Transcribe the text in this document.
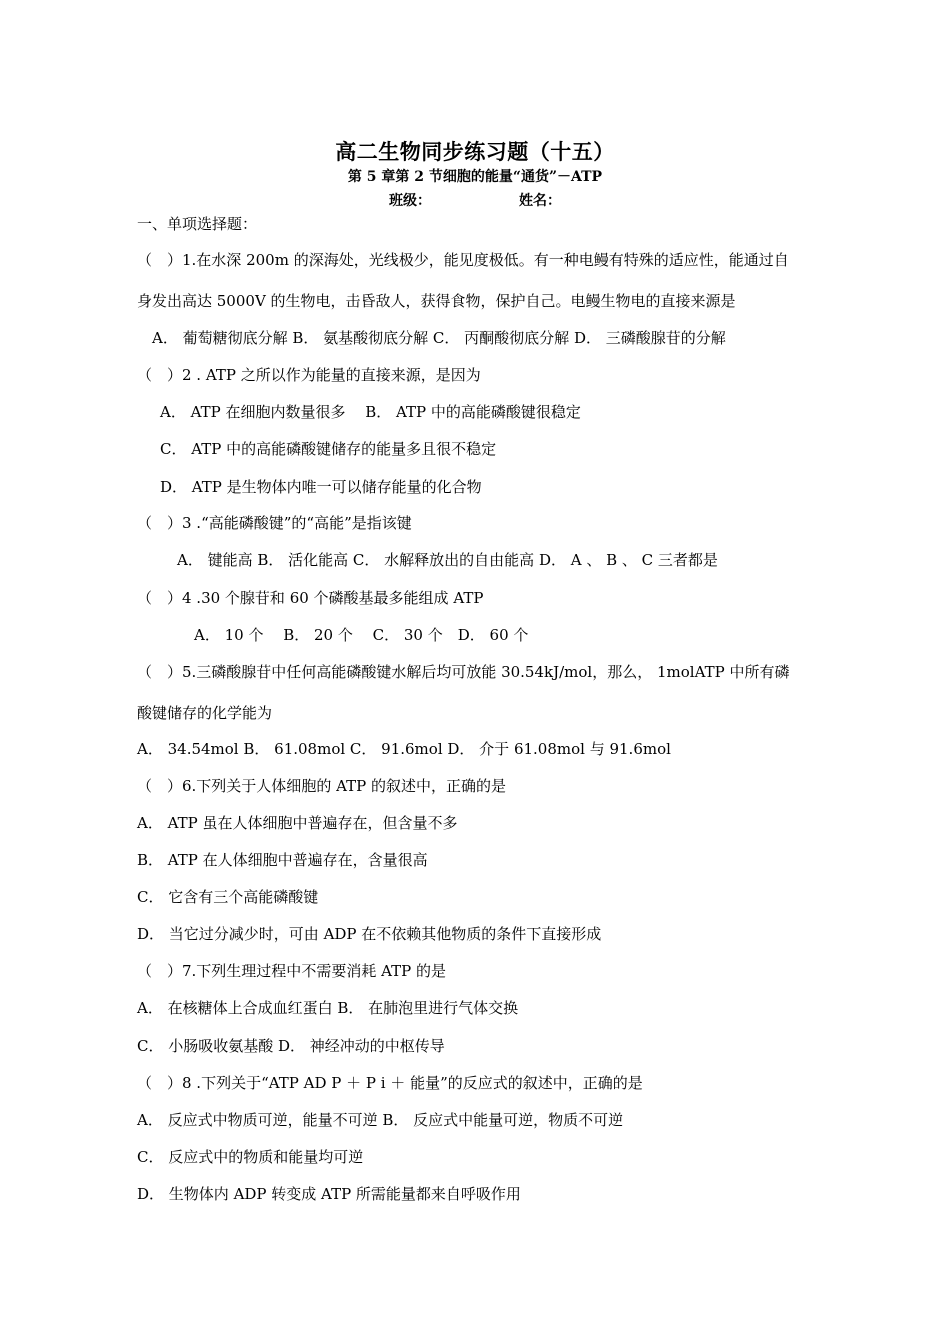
高二生物同步练习题（十五）
第 5 章第 2 节细胞的能量“通货”－ATP
班级：	姓名：
一、单项选择题：
（　）1.在水深 200m 的深海处，光线极少，能见度极低。有一种电鳗有特殊的适应性，能通过自
身发出高达 5000V 的生物电，击昏敌人，获得食物，保护自己。电鳗生物电的直接来源是
A． 葡萄糖彻底分解 B． 氨基酸彻底分解 C． 丙酮酸彻底分解 D． 三磷酸腺苷的分解
（　）2 . ATP 之所以作为能量的直接来源，是因为
A． ATP 在细胞内数量很多　 B． ATP 中的高能磷酸键很稳定
C． ATP 中的高能磷酸键储存的能量多且很不稳定
D． ATP 是生物体内唯一可以储存能量的化合物
（　）3 .“高能磷酸键”的“高能”是指该键
A． 键能高 B． 活化能高 C． 水解释放出的自由能高 D． A 、 B 、 C 三者都是
（　）4 .30 个腺苷和 60 个磷酸基最多能组成 ATP
A． 10 个　 B． 20 个　 C． 30 个　D． 60 个
（　）5.三磷酸腺苷中任何高能磷酸键水解后均可放能 30.54kJ/mol，那么， 1molATP 中所有磷
酸键储存的化学能为
A． 34.54mol B． 61.08mol C． 91.6mol D． 介于 61.08mol 与 91.6mol
（　）6.下列关于人体细胞的 ATP 的叙述中，正确的是
A． ATP 虽在人体细胞中普遍存在，但含量不多
B． ATP 在人体细胞中普遍存在，含量很高
C． 它含有三个高能磷酸键
D． 当它过分减少时，可由 ADP 在不依赖其他物质的条件下直接形成
（　）7.下列生理过程中不需要消耗 ATP 的是
A． 在核糖体上合成血红蛋白 B． 在肺泡里进行气体交换
C． 小肠吸收氨基酸 D． 神经冲动的中枢传导
（　）8 .下列关于“ATP AD P ＋ P i ＋ 能量”的反应式的叙述中，正确的是
A． 反应式中物质可逆，能量不可逆 B． 反应式中能量可逆，物质不可逆
C． 反应式中的物质和能量均可逆
D． 生物体内 ADP 转变成 ATP 所需能量都来自呼吸作用
